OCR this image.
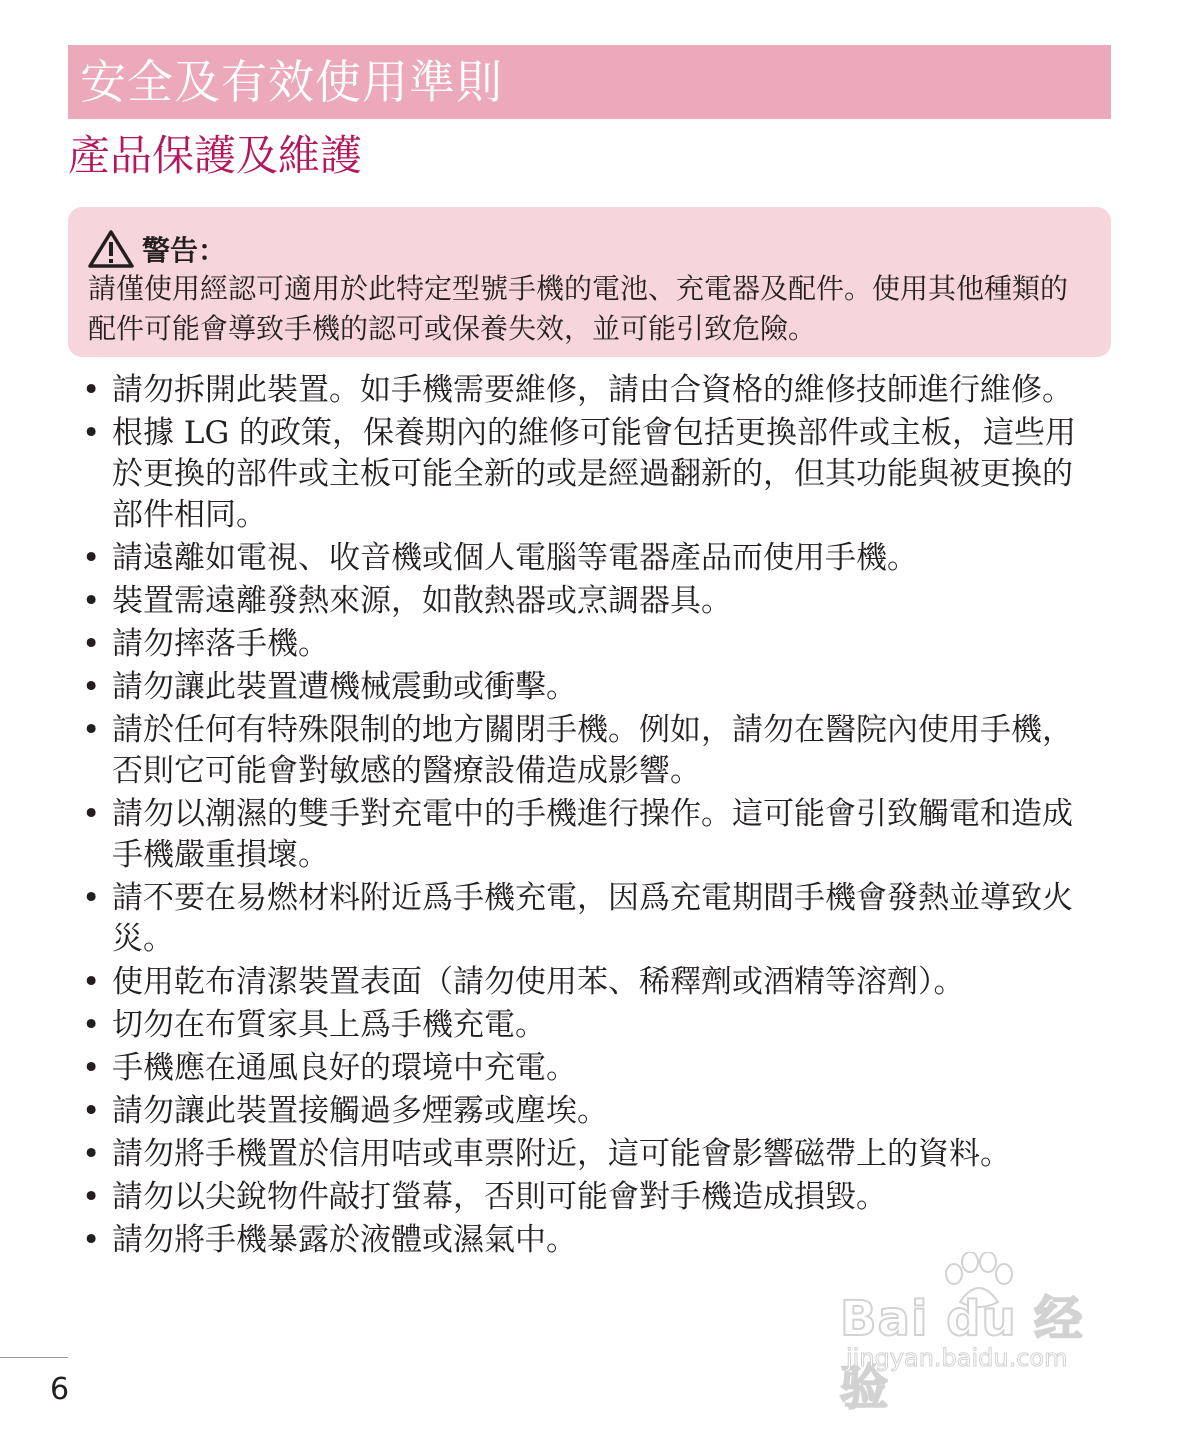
安全及有效使用準則
產品保護及維護
警告：
請僅使用經認可適用於此特定型號手機的電池、充電器及配件。使用其他種類的配件可能會導致手機的認可或保養失效，並可能引致危險。
• 請勿拆開此裝置。如手機需要維修，請由合資格的維修技師進行維修。
• 根據 LG 的政策，保養期內的維修可能會包括更換部件或主板，這些用於更換的部件或主板可能全新的或是經過翻新的，但其功能與被更換的部件相同。
• 請遠離如電視、收音機或個人電腦等電器產品而使用手機。
• 裝置需遠離發熱來源，如散熱器或烹調器具。
• 請勿摔落手機。
• 請勿讓此裝置遭機械震動或衝擊。
• 請於任何有特殊限制的地方關閉手機。例如，請勿在醫院內使用手機，否則它可能會對敏感的醫療設備造成影響。
• 請勿以潮濕的雙手對充電中的手機進行操作。這可能會引致觸電和造成手機嚴重損壞。
• 請不要在易燃材料附近爲手機充電，因爲充電期間手機會發熱並導致火災。
• 使用乾布清潔裝置表面（請勿使用苯、稀釋劑或酒精等溶劑）。
• 切勿在布質家具上爲手機充電。
• 手機應在通風良好的環境中充電。
• 請勿讓此裝置接觸過多煙霧或塵埃。
• 請勿將手機置於信用咭或車票附近，這可能會影響磁帶上的資料。
• 請勿以尖銳物件敲打螢幕，否則可能會對手機造成損毀。
• 請勿將手機暴露於液體或濕氣中。
6
Bai du 经验
jingyan.baidu.com
